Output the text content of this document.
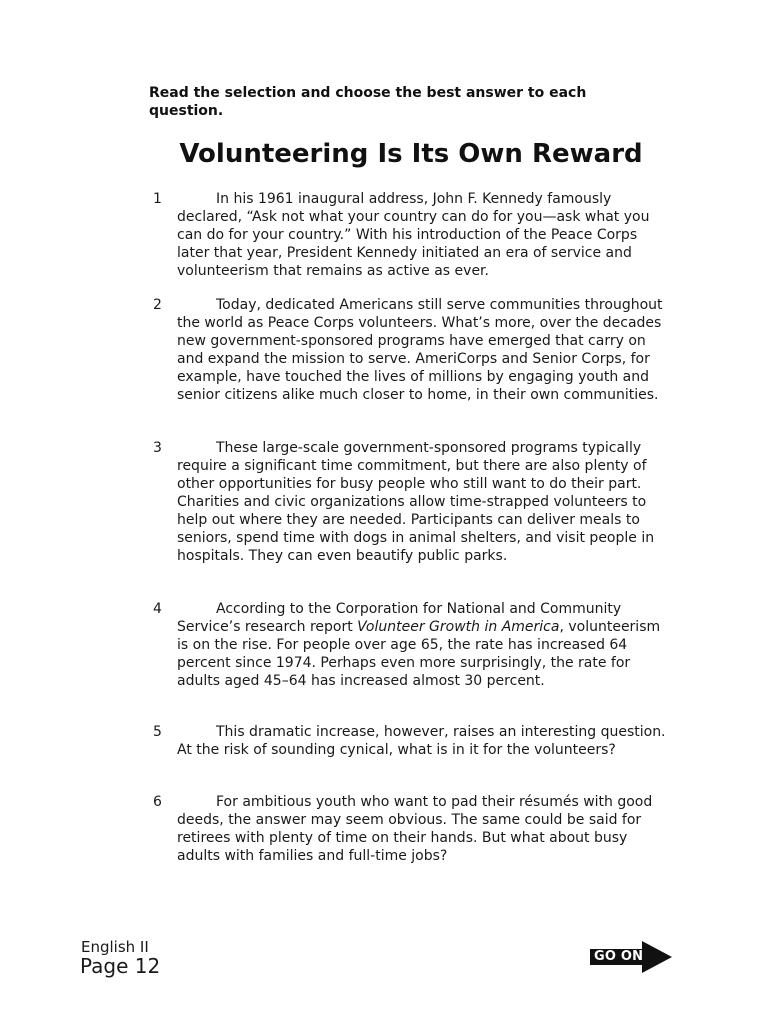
Read the selection and choose the best answer to each question.
Volunteering Is Its Own Reward
1	In his 1961 inaugural address, John F. Kennedy famously declared, “Ask not what your country can do for you—ask what you can do for your country.” With his introduction of the Peace Corps later that year, President Kennedy initiated an era of service and volunteerism that remains as active as ever.
2	Today, dedicated Americans still serve communities throughout the world as Peace Corps volunteers. What’s more, over the decades new government-sponsored programs have emerged that carry on and expand the mission to serve. AmeriCorps and Senior Corps, for example, have touched the lives of millions by engaging youth and senior citizens alike much closer to home, in their own communities.
3	These large-scale government-sponsored programs typically require a significant time commitment, but there are also plenty of other opportunities for busy people who still want to do their part. Charities and civic organizations allow time-strapped volunteers to help out where they are needed. Participants can deliver meals to seniors, spend time with dogs in animal shelters, and visit people in hospitals. They can even beautify public parks.
4	According to the Corporation for National and Community Service’s research report Volunteer Growth in America, volunteerism is on the rise. For people over age 65, the rate has increased 64 percent since 1974. Perhaps even more surprisingly, the rate for adults aged 45–64 has increased almost 30 percent.
5	This dramatic increase, however, raises an interesting question. At the risk of sounding cynical, what is in it for the volunteers?
6	For ambitious youth who want to pad their résumés with good deeds, the answer may seem obvious. The same could be said for retirees with plenty of time on their hands. But what about busy adults with families and full-time jobs?
English II
Page 12	GO ON
